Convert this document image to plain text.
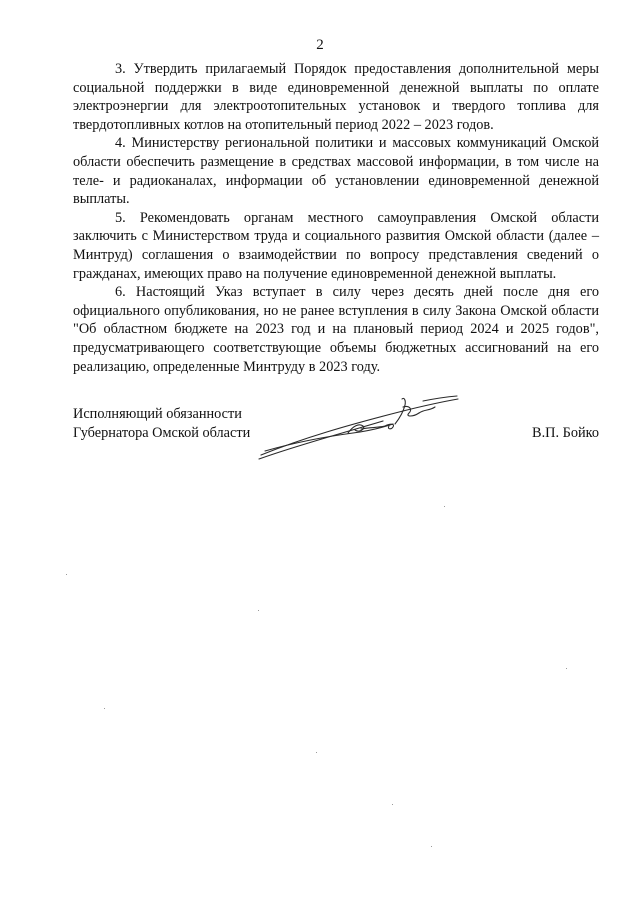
2

3. Утвердить прилагаемый Порядок предоставления дополнительной меры социальной поддержки в виде единовременной денежной выплаты по оплате электроэнергии для электроотопительных установок и твердого топлива для твердотопливных котлов на отопительный период 2022 – 2023 годов.

4. Министерству региональной политики и массовых коммуникаций Омской области обеспечить размещение в средствах массовой информации, в том числе на теле- и радиоканалах, информации об установлении единовременной денежной выплаты.

5. Рекомендовать органам местного самоуправления Омской области заключить с Министерством труда и социального развития Омской области (далее – Минтруд) соглашения о взаимодействии по вопросу представления сведений о гражданах, имеющих право на получение единовременной денежной выплаты.

6. Настоящий Указ вступает в силу через десять дней после дня его официального опубликования, но не ранее вступления в силу Закона Омской области "Об областном бюджете на 2023 год и на плановый период 2024 и 2025 годов", предусматривающего соответствующие объемы бюджетных ассигнований на его реализацию, определенные Минтруду в 2023 году.

Исполняющий обязанности
Губернатора Омской области	В.П. Бойко
